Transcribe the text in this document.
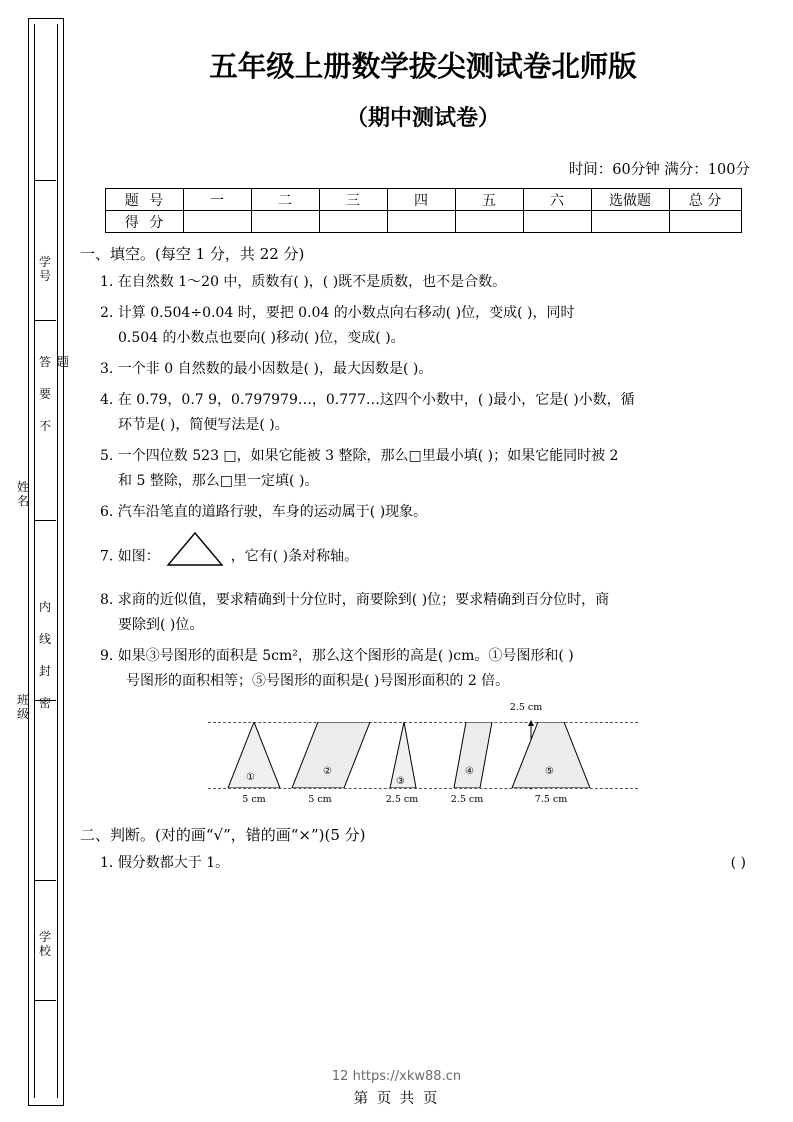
学
号
答
要
不
题
姓
名
内
线
封
密
班
级
学
校
五年级上册数学拔尖测试卷北师版
（期中测试卷）
时间：60分钟 满分：100分
题 号	一	二	三	四	五	六	选做题	总 分
得 分								
一、填空。(每空 1 分，共 22 分)
1. 在自然数 1～20 中，质数有( )，( )既不是质数，也不是合数。
2. 计算 0.504÷0.04 时，要把 0.04 的小数点向右移动( )位，变成( )，同时
0.504 的小数点也要向( )移动( )位，变成( )。
3. 一个非 0 自然数的最小因数是( )，最大因数是( )。
4. 在 0.79，0.7 9，0.797979…，0.777…这四个小数中，( )最小，它是( )小数，循
环节是( )，简便写法是( )。
5. 一个四位数 523 □，如果它能被 3 整除，那么□里最小填( )；如果它能同时被 2
和 5 整除，那么□里一定填( )。
6. 汽车沿笔直的道路行驶，车身的运动属于( )现象。
7. 如图：	，它有( )条对称轴。
8. 求商的近似值，要求精确到十分位时，商要除到( )位；要求精确到百分位时，商
要除到( )位。
9. 如果③号图形的面积是 5cm²，那么这个图形的高是( )cm。①号图形和( )
号图形的面积相等；⑤号图形的面积是( )号图形面积的 2 倍。
2.5 cm
①
②
③
④	⑤
5 cm	5 cm	2.5 cm	2.5 cm	7.5 cm
二、判断。(对的画“√”，错的画“×”)(5 分)
1. 假分数都大于 1。	( )
12 https://xkw88.cn
第 页 共 页
